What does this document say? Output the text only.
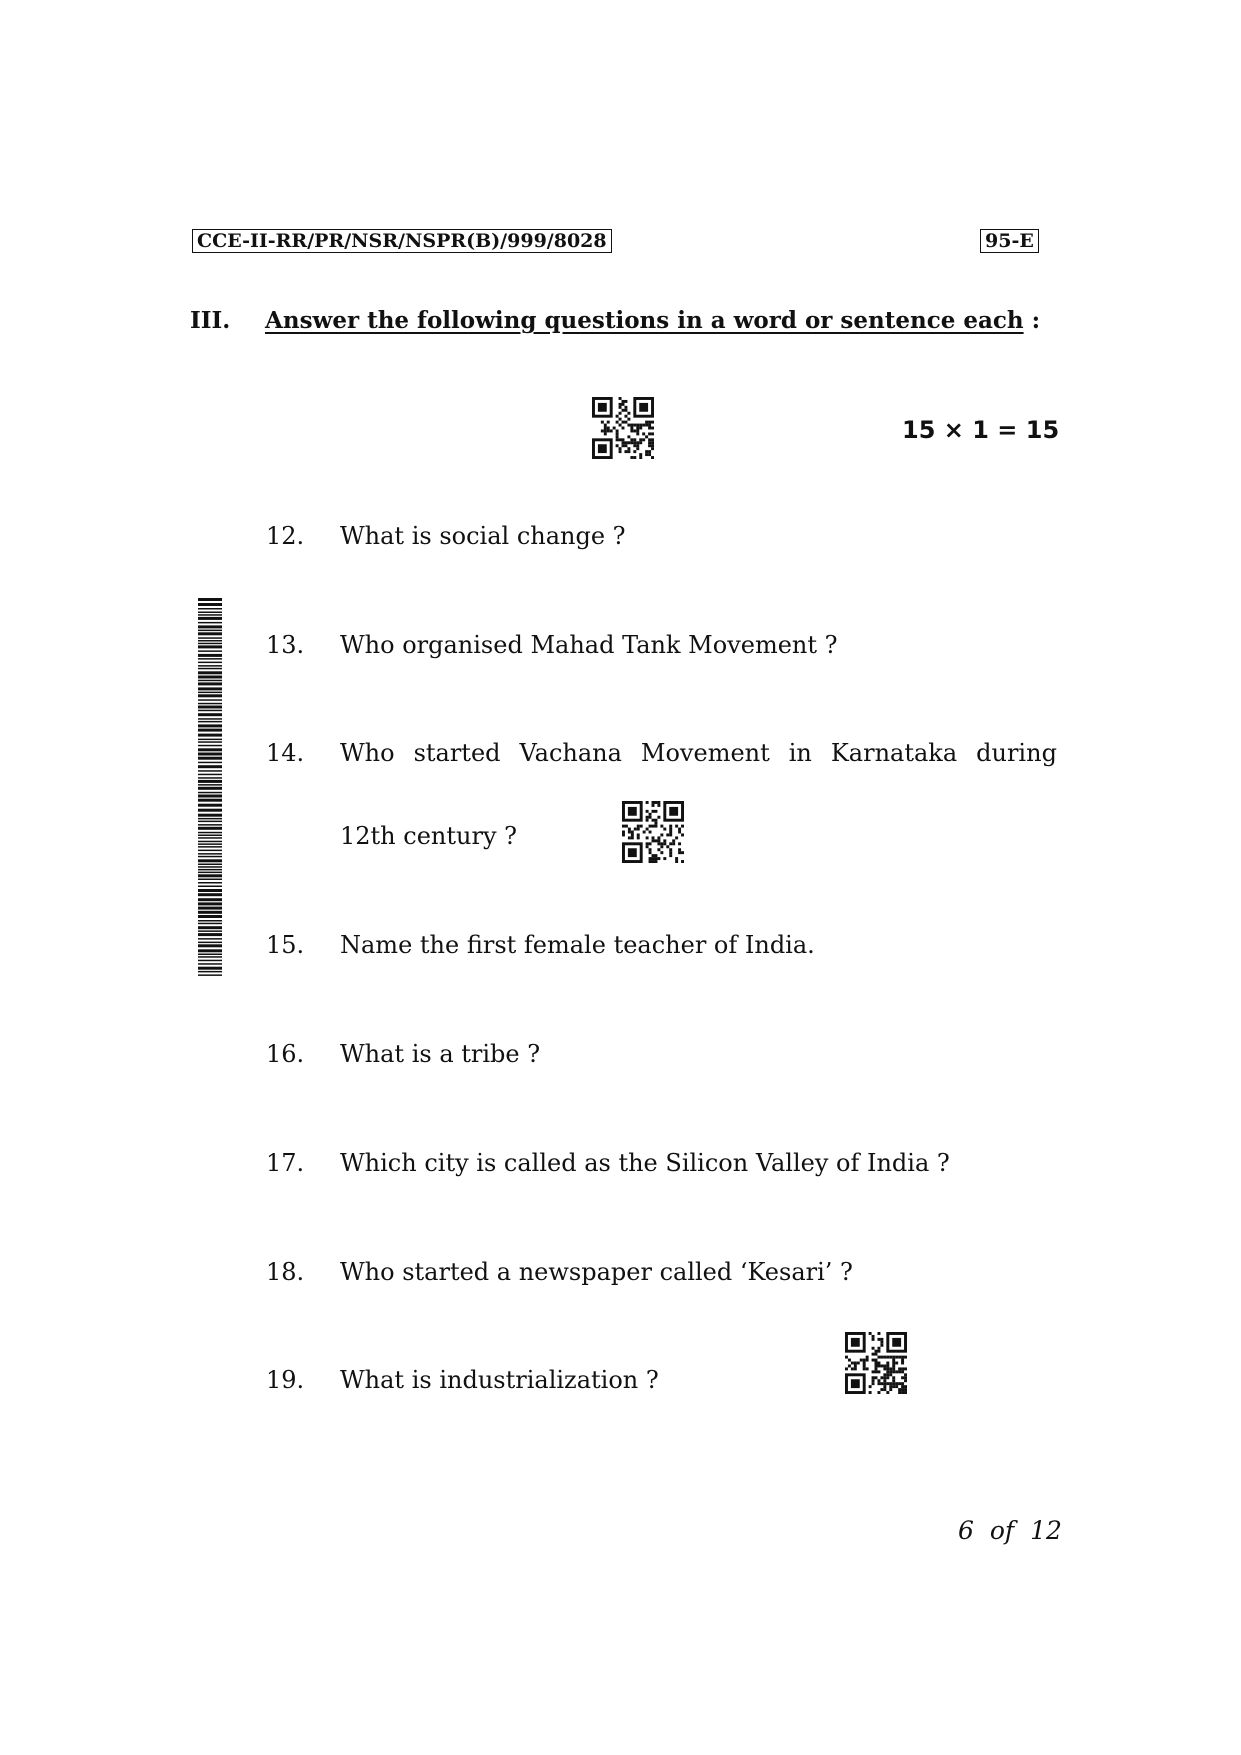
CCE-II-RR/PR/NSR/NSPR(B)/999/8028	95-E
III. Answer the following questions in a word or sentence each :
15 × 1 = 15
12. What is social change ?
13. Who organised Mahad Tank Movement ?
14. Who started Vachana Movement in Karnataka during
12th century ?
15. Name the first female teacher of India.
16. What is a tribe ?
17. Which city is called as the Silicon Valley of India ?
18. Who started a newspaper called ‘Kesari’ ?
19. What is industrialization ?
6 of 12
